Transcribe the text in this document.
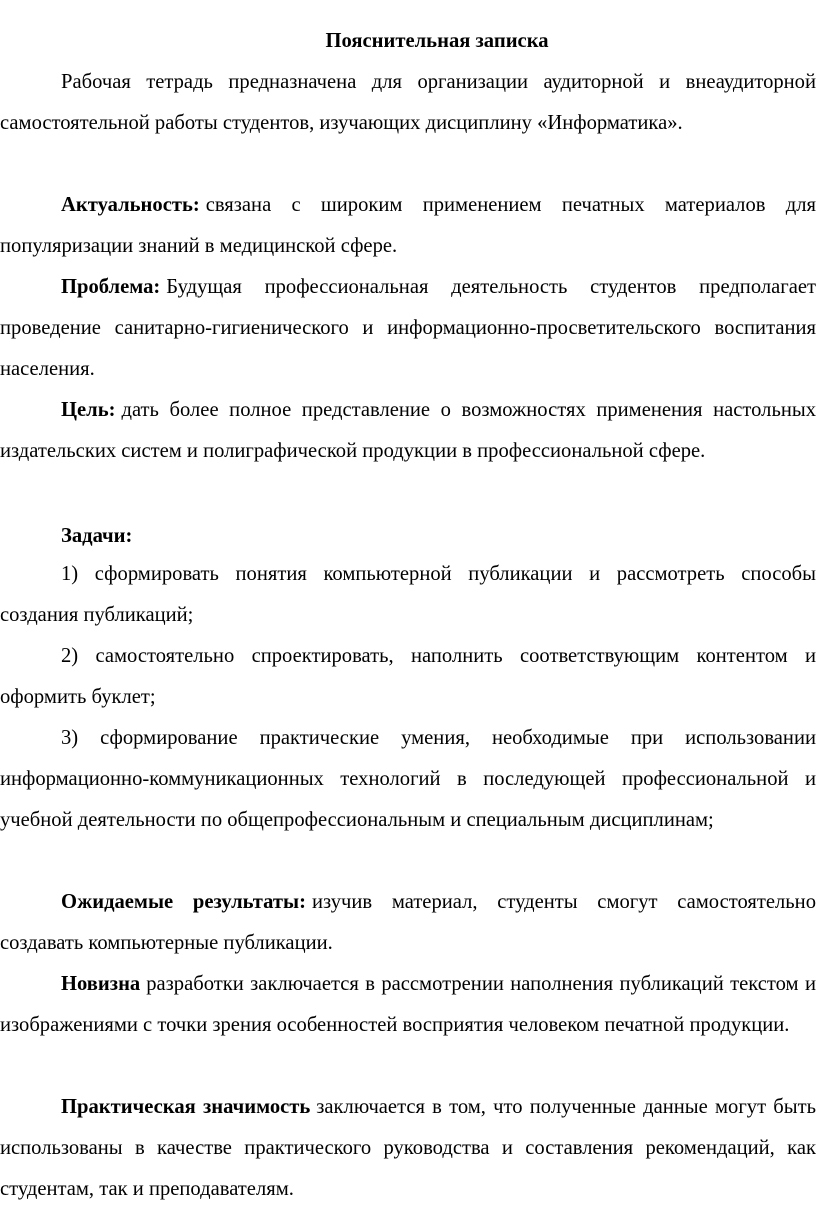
Пояснительная записка

Рабочая тетрадь предназначена для организации аудиторной и внеаудиторной самостоятельной работы студентов, изучающих дисциплину «Информатика».

Актуальность: связана с широким применением печатных материалов для популяризации знаний в медицинской сфере.

Проблема: Будущая профессиональная деятельность студентов предполагает проведение санитарно-гигиенического и информационно-просветительского воспитания населения.

Цель: дать более полное представление о возможностях применения настольных издательских систем и полиграфической продукции в профессиональной сфере.

Задачи:

1) сформировать понятия компьютерной публикации и рассмотреть способы создания публикаций;

2) самостоятельно спроектировать, наполнить соответствующим контентом и оформить буклет;

3) сформирование практические умения, необходимые при использовании информационно-коммуникационных технологий в последующей профессиональной и учебной деятельности по общепрофессиональным и специальным дисциплинам;

Ожидаемые результаты: изучив материал, студенты смогут самостоятельно создавать компьютерные публикации.

Новизна разработки заключается в рассмотрении наполнения публикаций текстом и изображениями с точки зрения особенностей восприятия человеком печатной продукции.

Практическая значимость заключается в том, что полученные данные могут быть использованы в качестве практического руководства и составления рекомендаций, как студентам, так и преподавателям.
